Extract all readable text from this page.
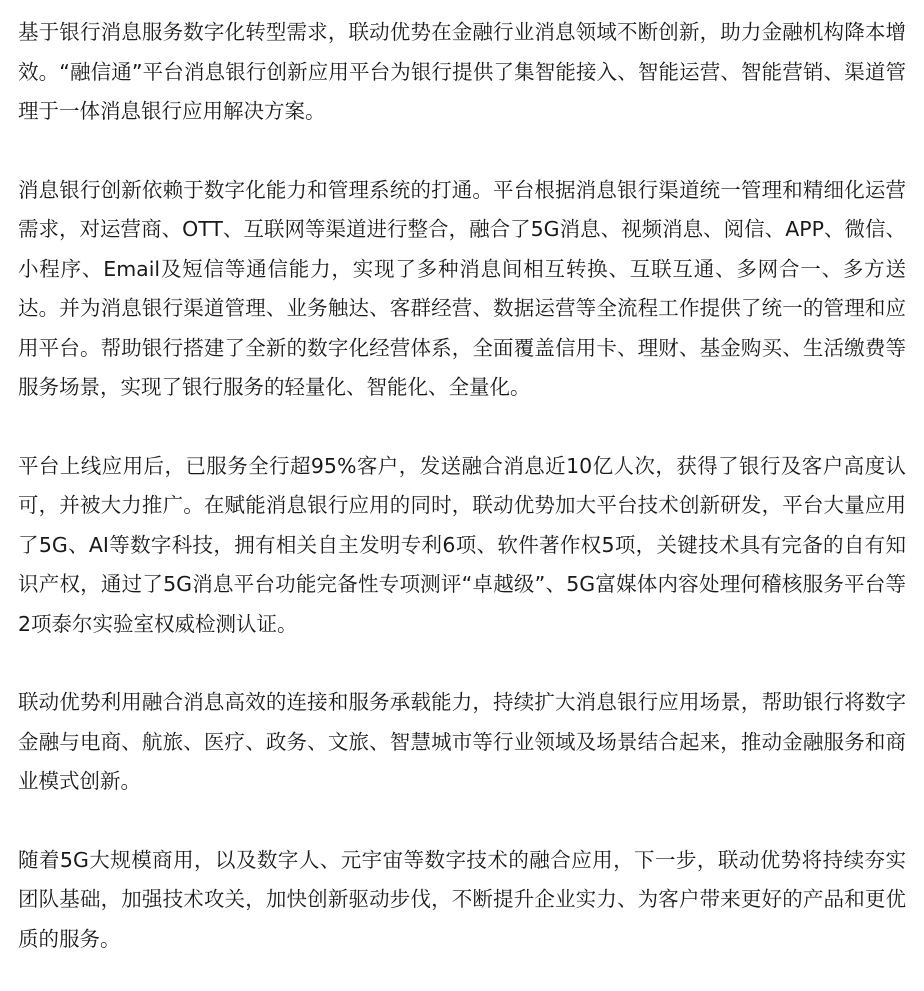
基于银行消息服务数字化转型需求，联动优势在金融行业消息领域不断创新，助力金融机构降本增效。“融信通”平台消息银行创新应用平台为银行提供了集智能接入、智能运营、智能营销、渠道管理于一体消息银行应用解决方案。

消息银行创新依赖于数字化能力和管理系统的打通。平台根据消息银行渠道统一管理和精细化运营需求，对运营商、OTT、互联网等渠道进行整合，融合了5G消息、视频消息、阅信、APP、微信、小程序、Email及短信等通信能力，实现了多种消息间相互转换、互联互通、多网合一、多方送达。并为消息银行渠道管理、业务触达、客群经营、数据运营等全流程工作提供了统一的管理和应用平台。帮助银行搭建了全新的数字化经营体系，全面覆盖信用卡、理财、基金购买、生活缴费等服务场景，实现了银行服务的轻量化、智能化、全量化。

平台上线应用后，已服务全行超95%客户，发送融合消息近10亿人次，获得了银行及客户高度认可，并被大力推广。在赋能消息银行应用的同时，联动优势加大平台技术创新研发，平台大量应用了5G、AI等数字科技，拥有相关自主发明专利6项、软件著作权5项，关键技术具有完备的自有知识产权，通过了5G消息平台功能完备性专项测评“卓越级”、5G富媒体内容处理何稽核服务平台等2项泰尔实验室权威检测认证。

联动优势利用融合消息高效的连接和服务承载能力，持续扩大消息银行应用场景，帮助银行将数字金融与电商、航旅、医疗、政务、文旅、智慧城市等行业领域及场景结合起来，推动金融服务和商业模式创新。

随着5G大规模商用，以及数字人、元宇宙等数字技术的融合应用，下一步，联动优势将持续夯实团队基础，加强技术攻关，加快创新驱动步伐，不断提升企业实力、为客户带来更好的产品和更优质的服务。
